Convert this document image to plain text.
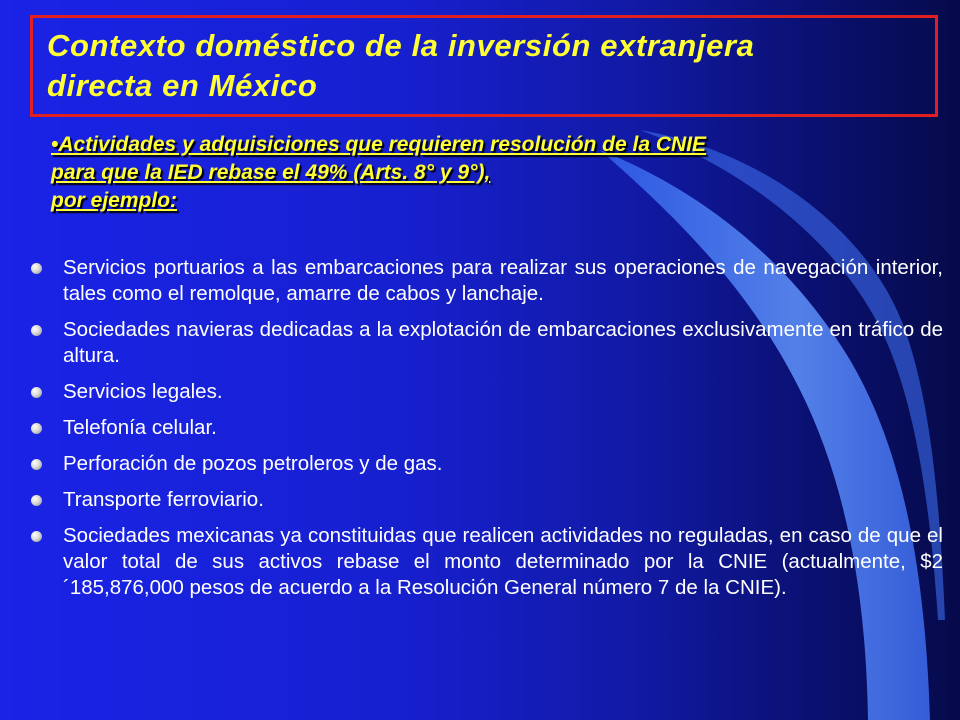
Contexto doméstico de la inversión extranjera
directa en México
•Actividades y adquisiciones que requieren resolución de la CNIE
para que la IED rebase el 49% (Arts. 8° y 9°),
por ejemplo:
Servicios portuarios a las embarcaciones para realizar sus operaciones de navegación interior, tales como el remolque, amarre de cabos y lanchaje.
Sociedades navieras dedicadas a la explotación de embarcaciones exclusivamente en tráfico de altura.
Servicios legales.
Telefonía celular.
Perforación de pozos petroleros y de gas.
Transporte ferroviario.
Sociedades mexicanas ya constituidas que realicen actividades no reguladas, en caso de que el valor total de sus activos rebase el monto determinado por la CNIE (actualmente, $2´185,876,000 pesos de acuerdo a la Resolución General número 7 de la CNIE).
